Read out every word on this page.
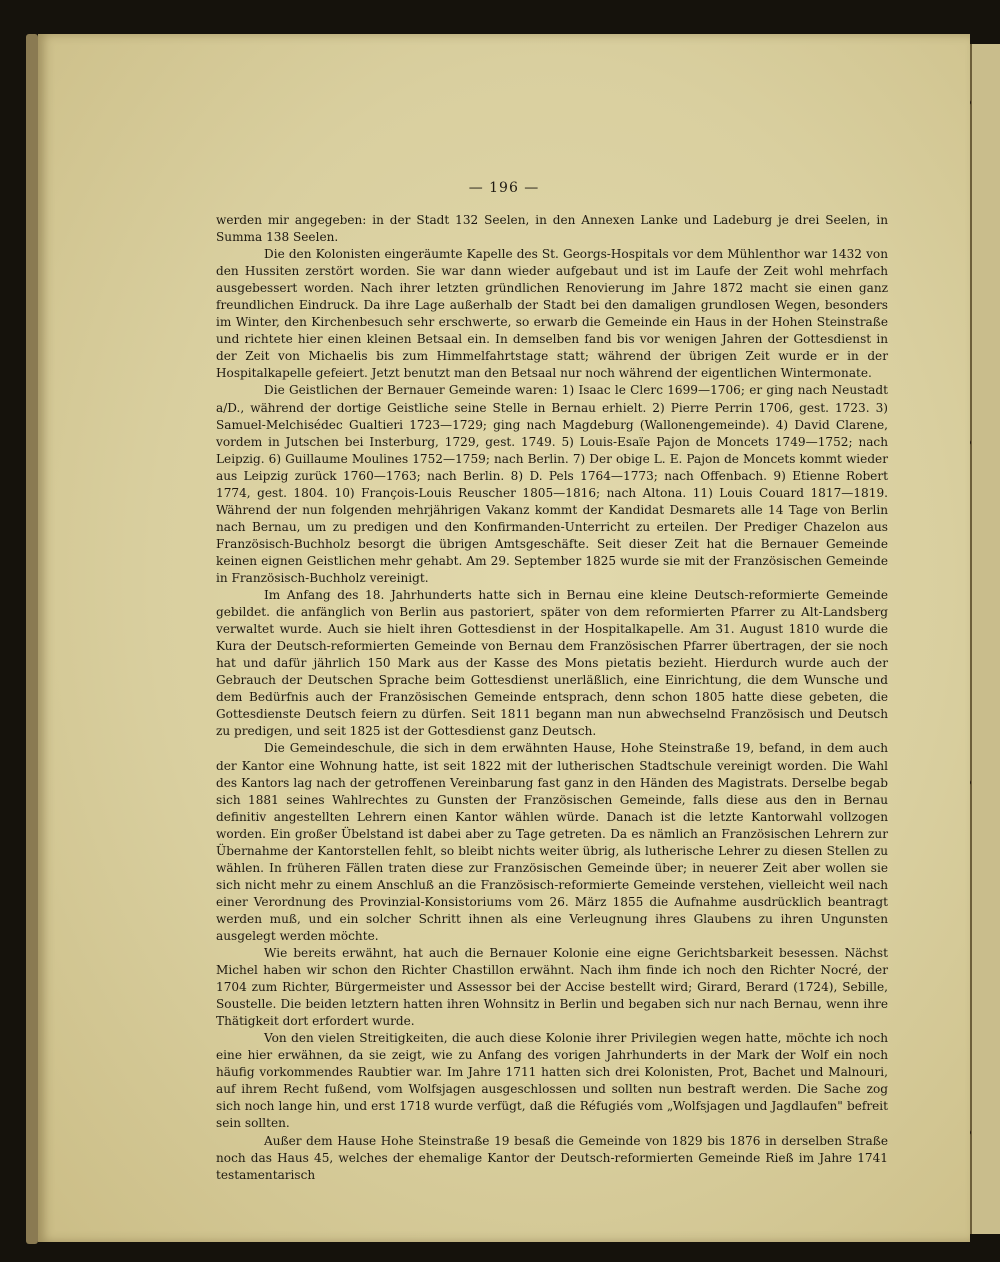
— 196 —

werden mir angegeben: in der Stadt 132 Seelen, in den Annexen Lanke und Ladeburg je drei Seelen, in Summa 138 Seelen.

Die den Kolonisten eingeräumte Kapelle des St. Georgs-Hospitals vor dem Mühlenthor war 1432 von den Hussiten zerstört worden. Sie war dann wieder aufgebaut und ist im Laufe der Zeit wohl mehrfach ausgebessert worden. Nach ihrer letzten gründlichen Renovierung im Jahre 1872 macht sie einen ganz freundlichen Eindruck. Da ihre Lage außerhalb der Stadt bei den damaligen grundlosen Wegen, besonders im Winter, den Kirchenbesuch sehr erschwerte, so erwarb die Gemeinde ein Haus in der Hohen Steinstraße und richtete hier einen kleinen Betsaal ein. In demselben fand bis vor wenigen Jahren der Gottesdienst in der Zeit von Michaelis bis zum Himmelfahrtstage statt; während der übrigen Zeit wurde er in der Hospitalkapelle gefeiert. Jetzt benutzt man den Betsaal nur noch während der eigentlichen Wintermonate.

Die Geistlichen der Bernauer Gemeinde waren: 1) Isaac le Clerc 1699—1706; er ging nach Neustadt a/D., während der dortige Geistliche seine Stelle in Bernau erhielt. 2) Pierre Perrin 1706, gest. 1723. 3) Samuel-Melchisédec Gualtieri 1723—1729; ging nach Magdeburg (Wallonengemeinde). 4) David Clarene, vordem in Jutschen bei Insterburg, 1729, gest. 1749. 5) Louis-Esaïe Pajon de Moncets 1749—1752; nach Leipzig. 6) Guillaume Moulines 1752—1759; nach Berlin. 7) Der obige L. E. Pajon de Moncets kommt wieder aus Leipzig zurück 1760—1763; nach Berlin. 8) D. Pels 1764—1773; nach Offenbach. 9) Etienne Robert 1774, gest. 1804. 10) François-Louis Reuscher 1805—1816; nach Altona. 11) Louis Couard 1817—1819. Während der nun folgenden mehrjährigen Vakanz kommt der Kandidat Desmarets alle 14 Tage von Berlin nach Bernau, um zu predigen und den Konfirmanden-Unterricht zu erteilen. Der Prediger Chazelon aus Französisch-Buchholz besorgt die übrigen Amtsgeschäfte. Seit dieser Zeit hat die Bernauer Gemeinde keinen eignen Geistlichen mehr gehabt. Am 29. September 1825 wurde sie mit der Französischen Gemeinde in Französisch-Buchholz vereinigt.

Im Anfang des 18. Jahrhunderts hatte sich in Bernau eine kleine Deutsch-reformierte Gemeinde gebildet. die anfänglich von Berlin aus pastoriert, später von dem reformierten Pfarrer zu Alt-Landsberg verwaltet wurde. Auch sie hielt ihren Gottesdienst in der Hospitalkapelle. Am 31. August 1810 wurde die Kura der Deutsch-reformierten Gemeinde von Bernau dem Französischen Pfarrer übertragen, der sie noch hat und dafür jährlich 150 Mark aus der Kasse des Mons pietatis bezieht. Hierdurch wurde auch der Gebrauch der Deutschen Sprache beim Gottesdienst unerläßlich, eine Einrichtung, die dem Wunsche und dem Bedürfnis auch der Französischen Gemeinde entsprach, denn schon 1805 hatte diese gebeten, die Gottesdienste Deutsch feiern zu dürfen. Seit 1811 begann man nun abwechselnd Französisch und Deutsch zu predigen, und seit 1825 ist der Gottesdienst ganz Deutsch.

Die Gemeindeschule, die sich in dem erwähnten Hause, Hohe Steinstraße 19, befand, in dem auch der Kantor eine Wohnung hatte, ist seit 1822 mit der lutherischen Stadtschule vereinigt worden. Die Wahl des Kantors lag nach der getroffenen Vereinbarung fast ganz in den Händen des Magistrats. Derselbe begab sich 1881 seines Wahlrechtes zu Gunsten der Französischen Gemeinde, falls diese aus den in Bernau definitiv angestellten Lehrern einen Kantor wählen würde. Danach ist die letzte Kantorwahl vollzogen worden. Ein großer Übelstand ist dabei aber zu Tage getreten. Da es nämlich an Französischen Lehrern zur Übernahme der Kantorstellen fehlt, so bleibt nichts weiter übrig, als lutherische Lehrer zu diesen Stellen zu wählen. In früheren Fällen traten diese zur Französischen Gemeinde über; in neuerer Zeit aber wollen sie sich nicht mehr zu einem Anschluß an die Französisch-reformierte Gemeinde verstehen, vielleicht weil nach einer Verordnung des Provinzial-Konsistoriums vom 26. März 1855 die Aufnahme ausdrücklich beantragt werden muß, und ein solcher Schritt ihnen als eine Verleugnung ihres Glaubens zu ihren Ungunsten ausgelegt werden möchte.

Wie bereits erwähnt, hat auch die Bernauer Kolonie eine eigne Gerichtsbarkeit besessen. Nächst Michel haben wir schon den Richter Chastillon erwähnt. Nach ihm finde ich noch den Richter Nocré, der 1704 zum Richter, Bürgermeister und Assessor bei der Accise bestellt wird; Girard, Berard (1724), Sebille, Soustelle. Die beiden letztern hatten ihren Wohnsitz in Berlin und begaben sich nur nach Bernau, wenn ihre Thätigkeit dort erfordert wurde.

Von den vielen Streitigkeiten, die auch diese Kolonie ihrer Privilegien wegen hatte, möchte ich noch eine hier erwähnen, da sie zeigt, wie zu Anfang des vorigen Jahrhunderts in der Mark der Wolf ein noch häufig vorkommendes Raubtier war. Im Jahre 1711 hatten sich drei Kolonisten, Prot, Bachet und Malnouri, auf ihrem Recht fußend, vom Wolfsjagen ausgeschlossen und sollten nun bestraft werden. Die Sache zog sich noch lange hin, und erst 1718 wurde verfügt, daß die Réfugiés vom „Wolfsjagen und Jagdlaufen" befreit sein sollten.

Außer dem Hause Hohe Steinstraße 19 besaß die Gemeinde von 1829 bis 1876 in derselben Straße noch das Haus 45, welches der ehemalige Kantor der Deutsch-reformierten Gemeinde Rieß im Jahre 1741 testamentarisch
